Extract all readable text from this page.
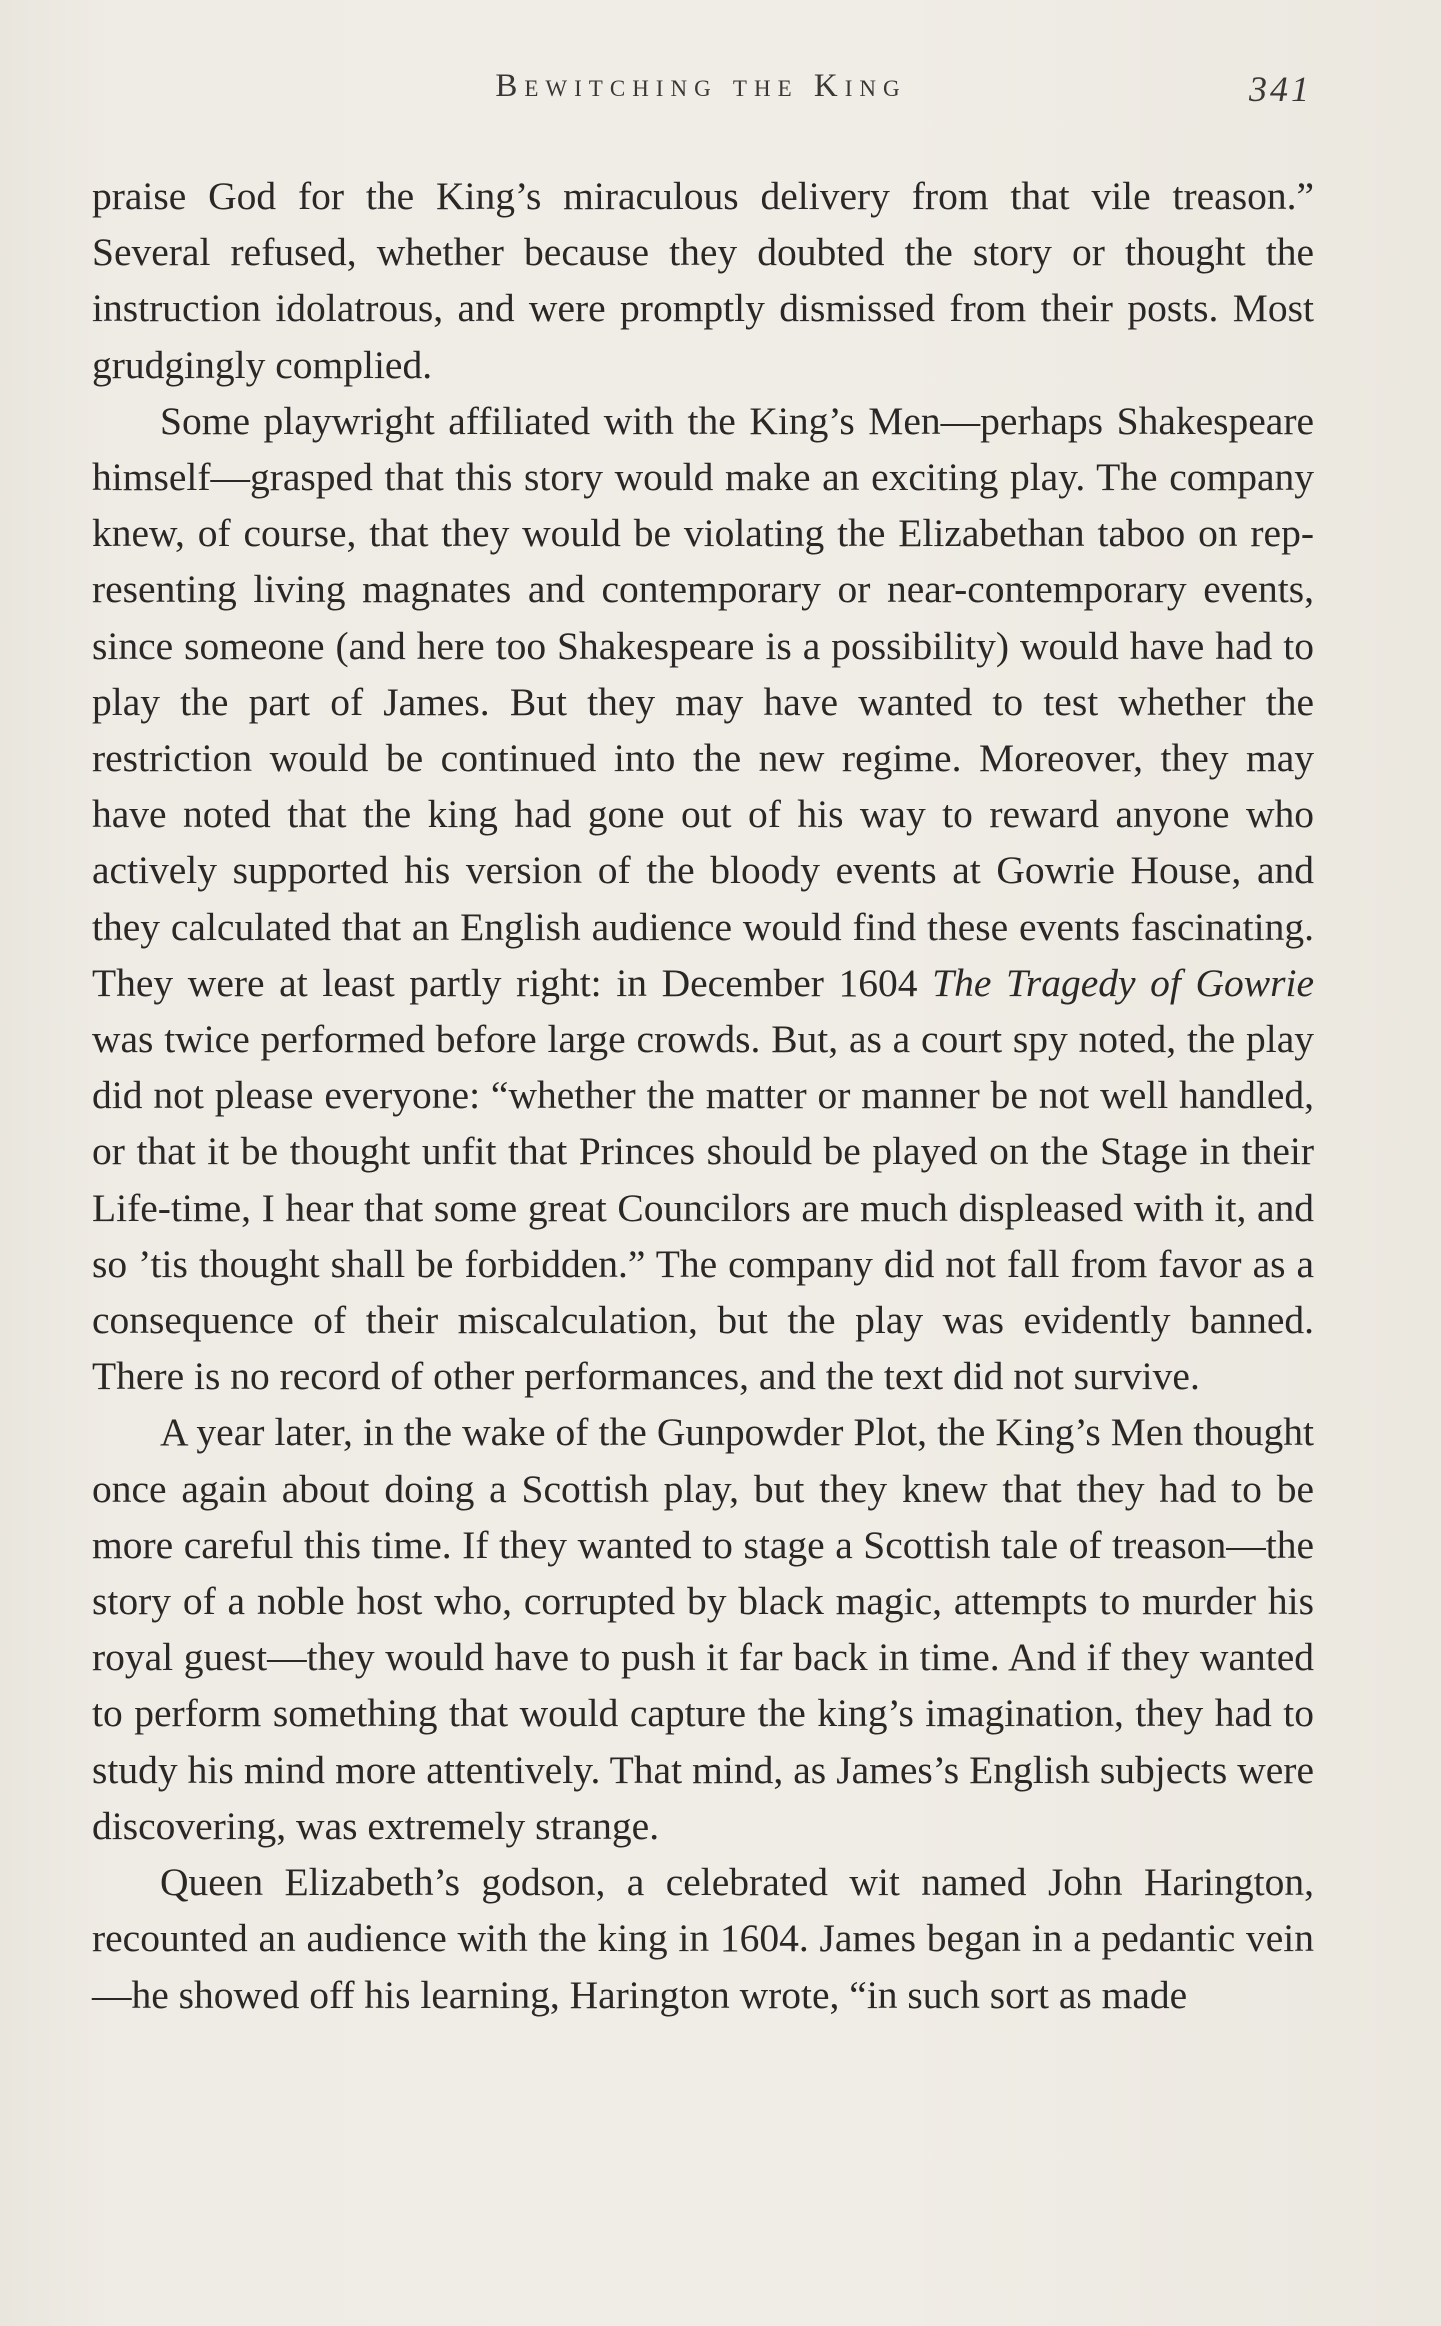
Bewitching the King	341

praise God for the King’s miraculous delivery from that vile treason.” Several refused, whether because they doubted the story or thought the instruction idolatrous, and were promptly dismissed from their posts. Most grudgingly complied.

Some playwright affiliated with the King’s Men—perhaps Shakespeare himself—grasped that this story would make an exciting play. The company knew, of course, that they would be violating the Elizabethan taboo on representing living magnates and contemporary or near-contemporary events, since someone (and here too Shakespeare is a possibility) would have had to play the part of James. But they may have wanted to test whether the restriction would be continued into the new regime. Moreover, they may have noted that the king had gone out of his way to reward anyone who actively supported his version of the bloody events at Gowrie House, and they calculated that an English audience would find these events fascinating. They were at least partly right: in December 1604 The Tragedy of Gowrie was twice performed before large crowds. But, as a court spy noted, the play did not please everyone: “whether the matter or manner be not well handled, or that it be thought unfit that Princes should be played on the Stage in their Life-time, I hear that some great Councilors are much displeased with it, and so ’tis thought shall be forbidden.” The company did not fall from favor as a consequence of their miscalculation, but the play was evidently banned. There is no record of other performances, and the text did not survive.

A year later, in the wake of the Gunpowder Plot, the King’s Men thought once again about doing a Scottish play, but they knew that they had to be more careful this time. If they wanted to stage a Scottish tale of treason—the story of a noble host who, corrupted by black magic, attempts to murder his royal guest—they would have to push it far back in time. And if they wanted to perform something that would capture the king’s imagination, they had to study his mind more attentively. That mind, as James’s English subjects were discovering, was extremely strange.

Queen Elizabeth’s godson, a celebrated wit named John Harington, recounted an audience with the king in 1604. James began in a pedantic vein—he showed off his learning, Harington wrote, “in such sort as made
